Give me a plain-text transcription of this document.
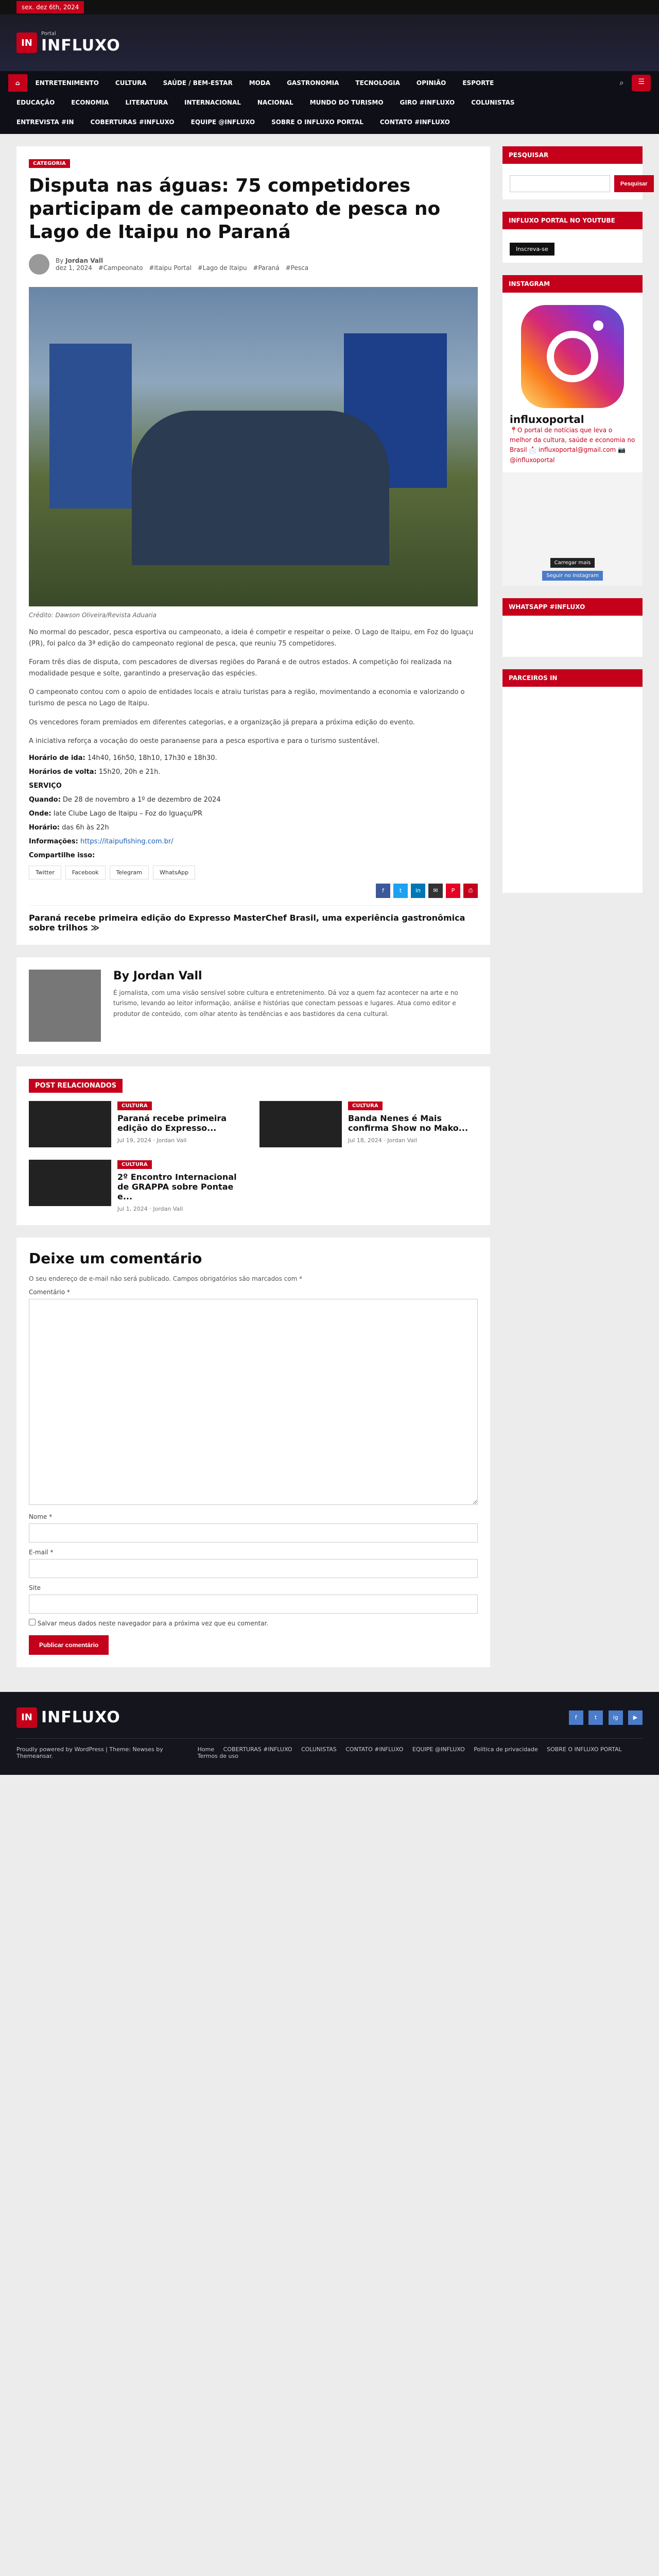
sex. dez 6th, 2024
IN
Portal
INFLUXO
⌂	ENTRETENIMENTO	CULTURA	SAÚDE / BEM-ESTAR	MODA	GASTRONOMIA	TECNOLOGIA	OPINIÃO	ESPORTE	⌕	☰
EDUCAÇÃO	ECONOMIA	LITERATURA	INTERNACIONAL	NACIONAL	MUNDO DO TURISMO	GIRO #INFLUXO	COLUNISTAS
ENTREVISTA #IN	COBERTURAS #INFLUXO	EQUIPE @INFLUXO	SOBRE O INFLUXO PORTAL	CONTATO #INFLUXO
CATEGORIA
Disputa nas águas: 75 competidores participam de campeonato de pesca no Lago de Itaipu no Paraná
By Jordan Vall
dez 1, 2024 #Campeonato #Itaipu Portal #Lago de Itaipu #Paraná #Pesca

Crédito: Dawson Oliveira/Revista Aduaria

No mormal do pescador, pesca esportiva ou campeonato, a ideia é competir e respeitar o peixe. O Lago de Itaipu, em Foz do Iguaçu (PR), foi palco da 3ª edição do campeonato regional de pesca, que reuniu 75 competidores.

Foram três dias de disputa, com pescadores de diversas regiões do Paraná e de outros estados. A competição foi realizada na modalidade pesque e solte, garantindo a preservação das espécies.

O campeonato contou com o apoio de entidades locais e atraiu turistas para a região, movimentando a economia e valorizando o turismo de pesca no Lago de Itaipu.

Os vencedores foram premiados em diferentes categorias, e a organização já prepara a próxima edição do evento.

A iniciativa reforça a vocação do oeste paranaense para a pesca esportiva e para o turismo sustentável.

Horário de ida: 14h40, 16h50, 18h10, 17h30 e 18h30.
Horários de volta: 15h20, 20h e 21h.
SERVIÇO
Quando: De 28 de novembro a 1º de dezembro de 2024
Onde: Iate Clube Lago de Itaipu – Foz do Iguaçu/PR
Horário: das 6h às 22h
Informações: https://itaipufishing.com.br/
Compartilhe isso:
Twitter	Facebook	Telegram	WhatsApp
f	t	in	✉	P	⎙
Paraná recebe primeira edição do Expresso MasterChef Brasil, uma experiência gastronômica sobre trilhos ≫
By Jordan Vall

É jornalista, com uma visão sensível sobre cultura e entretenimento. Dá voz a quem faz acontecer na arte e no turismo, levando ao leitor informação, análise e histórias que conectam pessoas e lugares. Atua como editor e produtor de conteúdo, com olhar atento às tendências e aos bastidores da cena cultural.

POST RELACIONADOS
CULTURA
Paraná recebe primeira edição do Expresso...
Jul 19, 2024 · Jordan Vall
CULTURA
Banda Nenes é Mais confirma Show no Mako...
Jul 18, 2024 · Jordan Vall
CULTURA
2º Encontro Internacional de GRAPPA sobre Pontae e...
Jul 1, 2024 · Jordan Vall
Deixe um comentário

O seu endereço de e-mail não será publicado. Campos obrigatórios são marcados com *

Comentário *
Nome *
E-mail *
Site
Salvar meus dados neste navegador para a próxima vez que eu comentar.
Publicar comentário
PESQUISAR
Pesquisar
INFLUXO PORTAL NO YOUTUBE
Inscreva-se
INSTAGRAM
influxoportal

📍O portal de notícias que leva o melhor da cultura, saúde e economia no Brasil 📩 influxoportal@gmail.com 📷 @influxoportal

Carregar mais
Seguir no Instagram
WHATSAPP #INFLUXO
PARCEIROS IN
IN INFLUXO	f	t	ig	▶
Proudly powered by WordPress | Theme: Newses by Themeansar.
Home COBERTURAS #INFLUXO COLUNISTAS CONTATO #INFLUXO EQUIPE @INFLUXO Política de privacidade SOBRE O INFLUXO PORTAL Termos de uso
